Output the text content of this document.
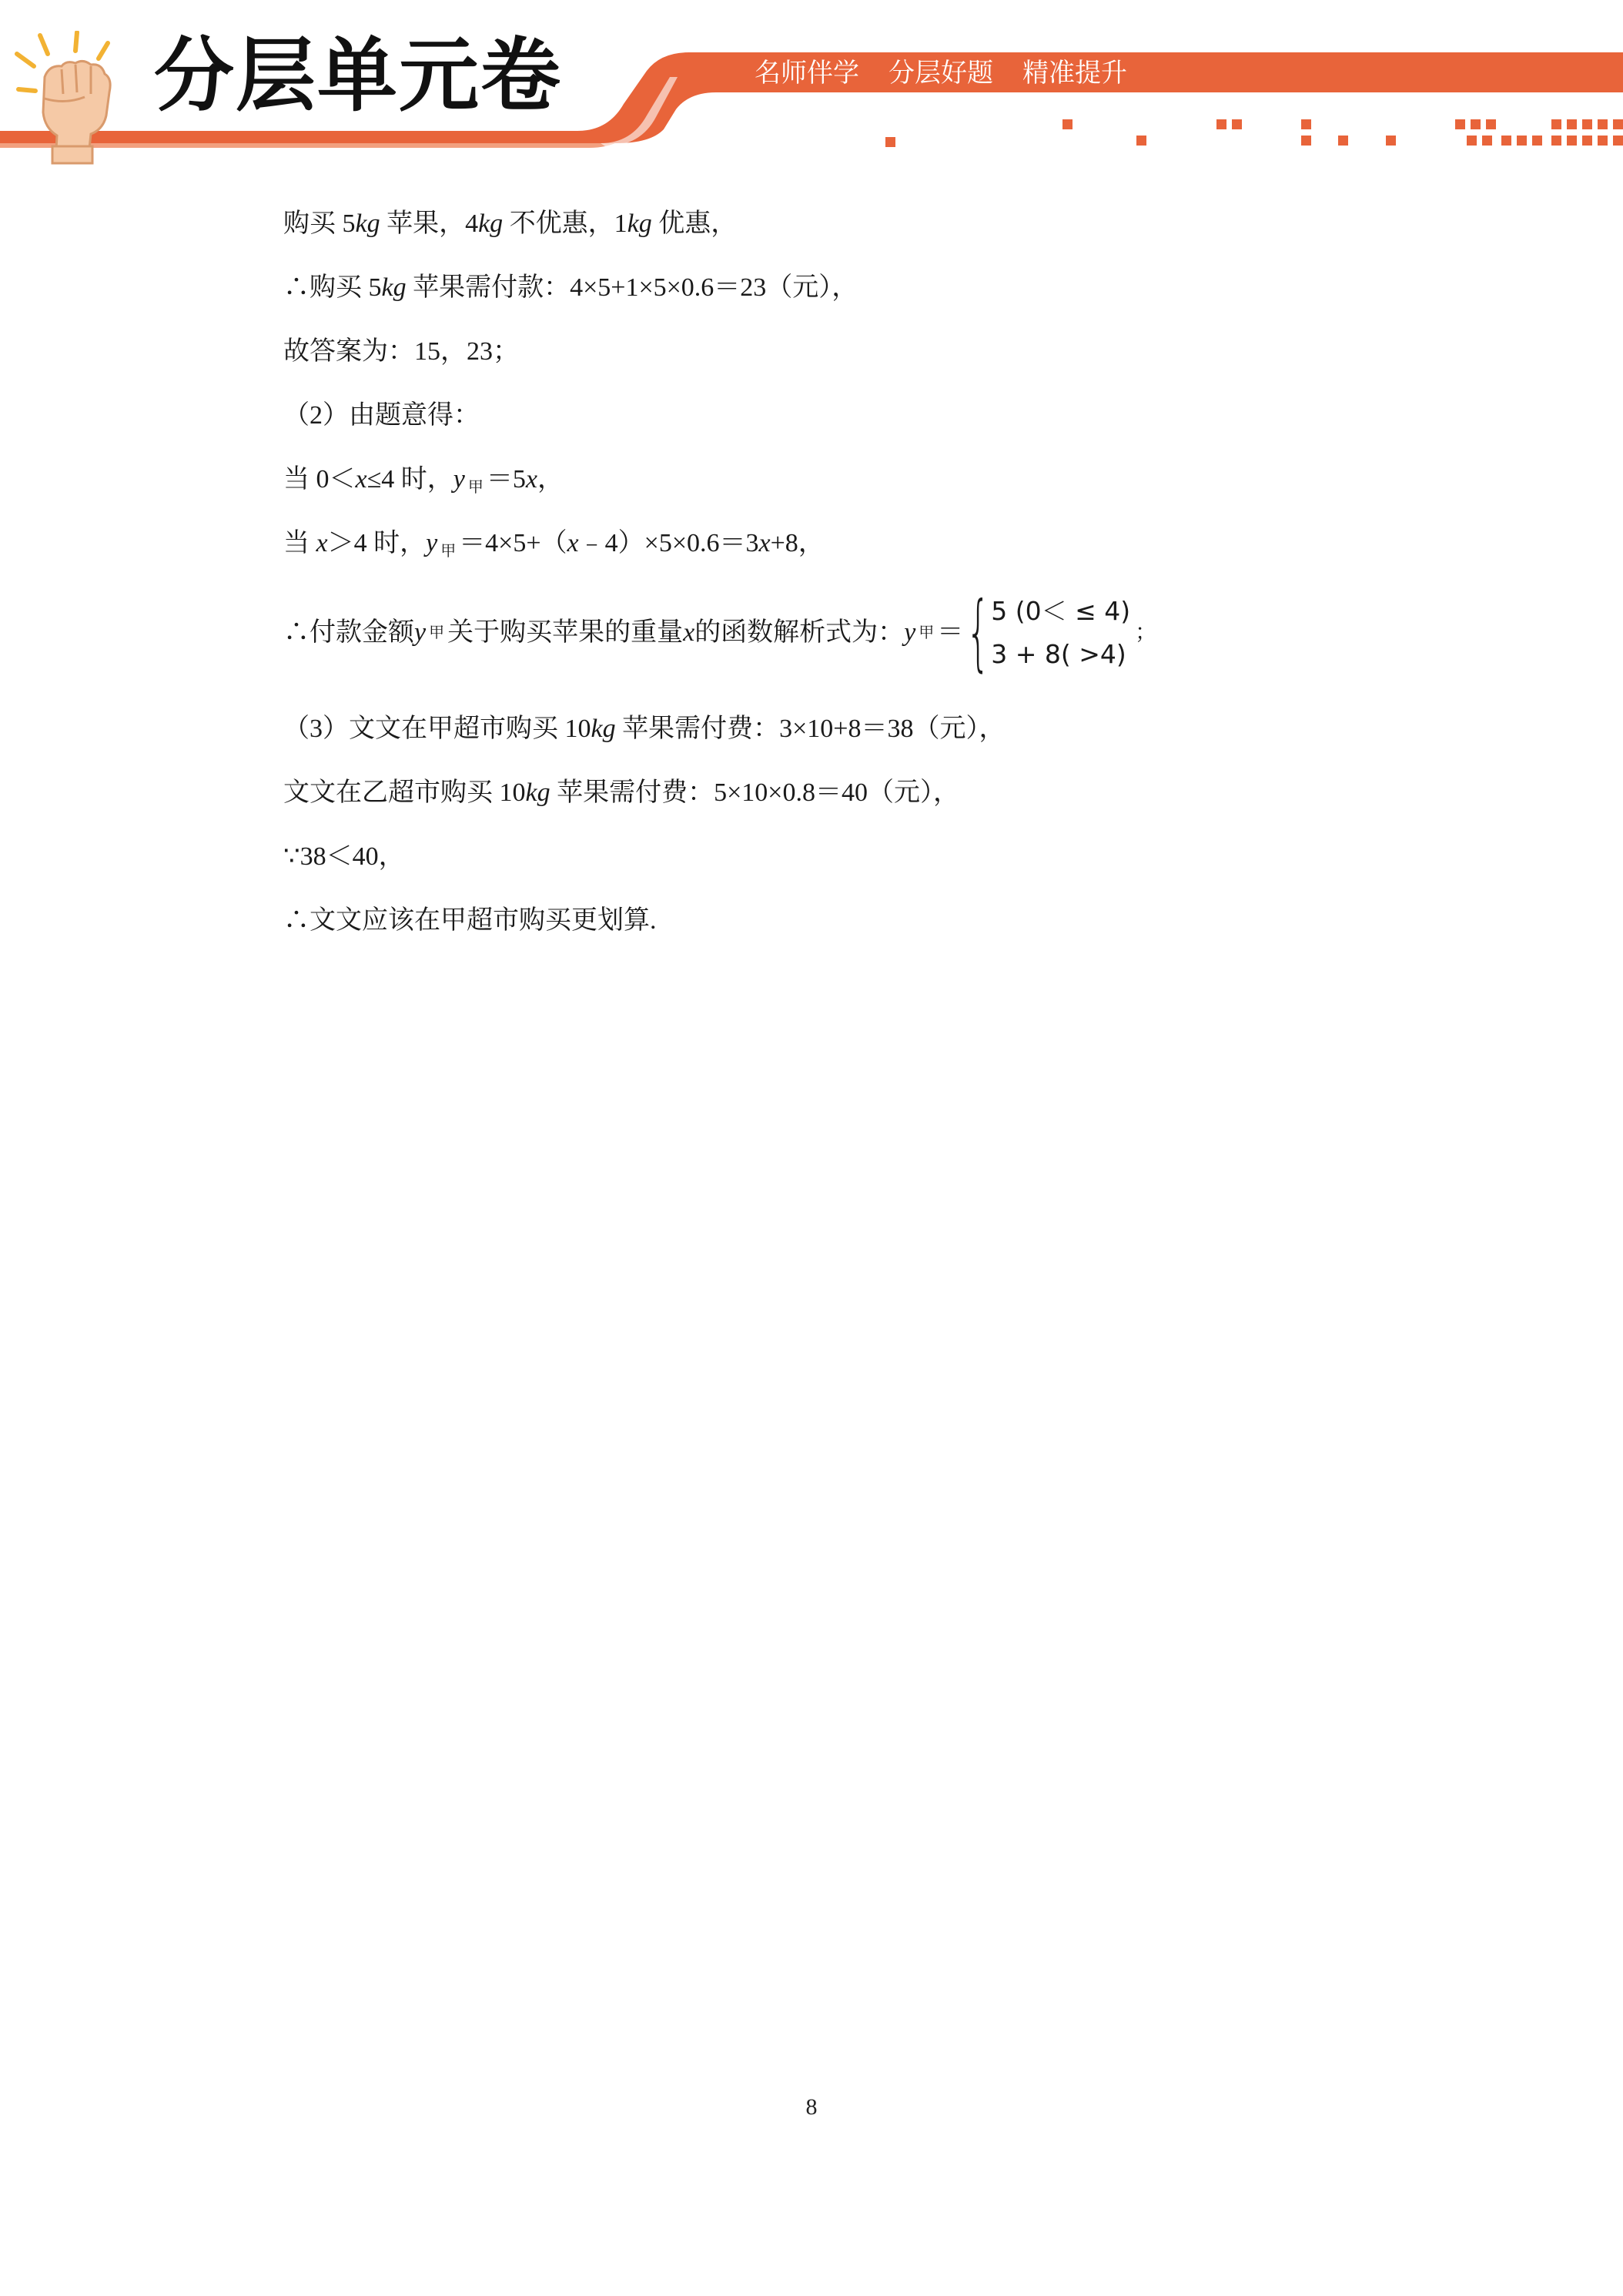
分层单元卷	名师伴学 分层好题 精准提升
购买 5kg 苹果，4kg 不优惠，1kg 优惠，
∴购买 5kg 苹果需付款：4×5+1×5×0.6＝23（元），
故答案为：15，23；
（2）由题意得：
当 0＜x≤4 时，y $_甲$ ＝5x，
当 x＞4 时，y $_甲$ ＝4×5+（x﹣4）×5×0.6＝3x+8，
∴付款金额 y 甲 关于购买苹果的重量 x 的函数解析式为： y 甲 ＝ { 5 (0＜ ≤ 4)
3 + 8( >4)
；
（3）文文在甲超市购买 10kg 苹果需付费：3×10+8＝38（元），
文文在乙超市购买 10kg 苹果需付费：5×10×0.8＝40（元），
∵38＜40，
∴文文应该在甲超市购买更划算.
8
